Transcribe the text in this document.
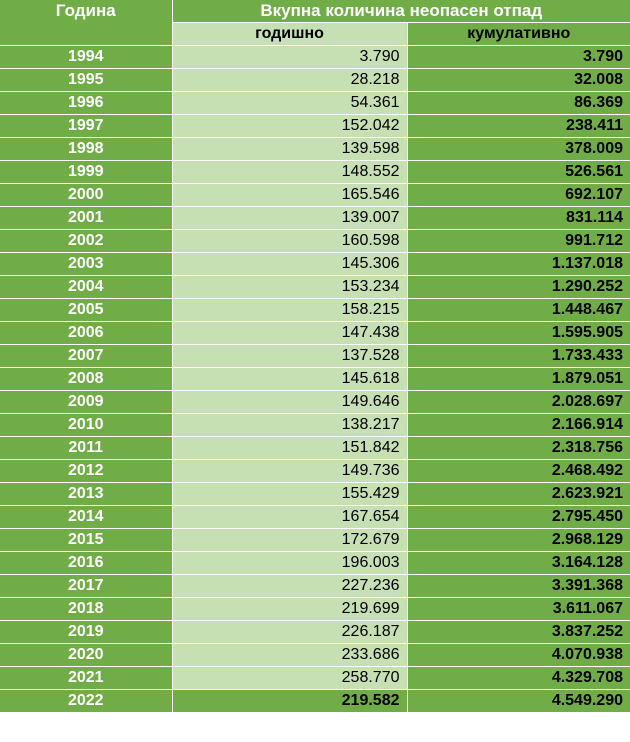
Година	Вкупна количина неопасен отпад	
	годишно	кумулативно
1994	3.790	3.790
1995	28.218	32.008
1996	54.361	86.369
1997	152.042	238.411
1998	139.598	378.009
1999	148.552	526.561
2000	165.546	692.107
2001	139.007	831.114
2002	160.598	991.712
2003	145.306	1.137.018
2004	153.234	1.290.252
2005	158.215	1.448.467
2006	147.438	1.595.905
2007	137.528	1.733.433
2008	145.618	1.879.051
2009	149.646	2.028.697
2010	138.217	2.166.914
2011	151.842	2.318.756
2012	149.736	2.468.492
2013	155.429	2.623.921
2014	167.654	2.795.450
2015	172.679	2.968.129
2016	196.003	3.164.128
2017	227.236	3.391.368
2018	219.699	3.611.067
2019	226.187	3.837.252
2020	233.686	4.070.938
2021	258.770	4.329.708
2022	219.582	4.549.290
